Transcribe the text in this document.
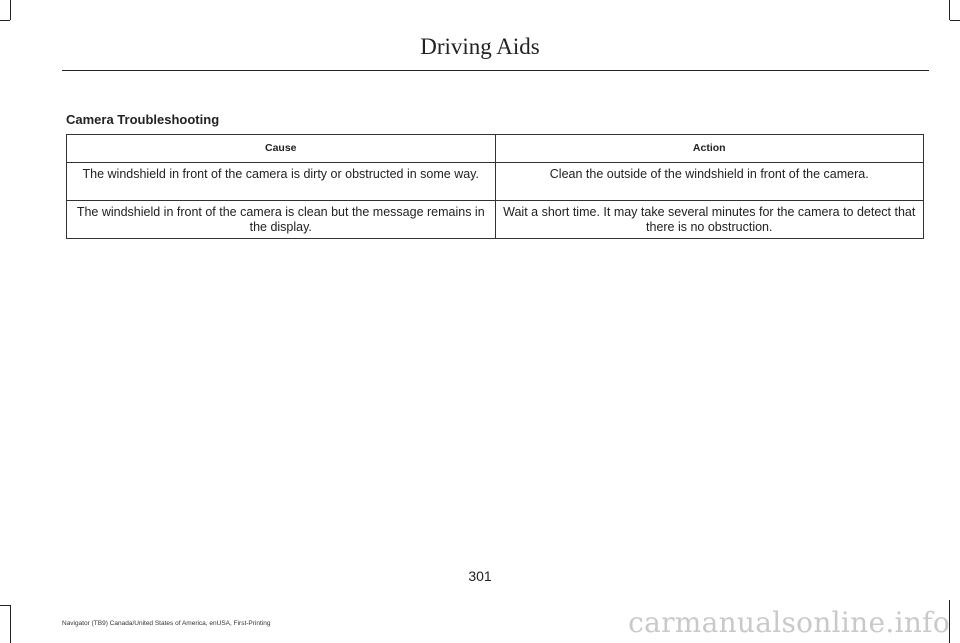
Driving Aids
Camera Troubleshooting
Cause	Action
The windshield in front of the camera is dirty or obstructed in some way.	Clean the outside of the windshield in front of the camera.
The windshield in front of the camera is clean but the message remains in the display.	Wait a short time. It may take several minutes for the camera to detect that there is no obstruction.
301
Navigator (TB9) Canada/United States of America, enUSA, First-Printing	carmanualsonline.info
